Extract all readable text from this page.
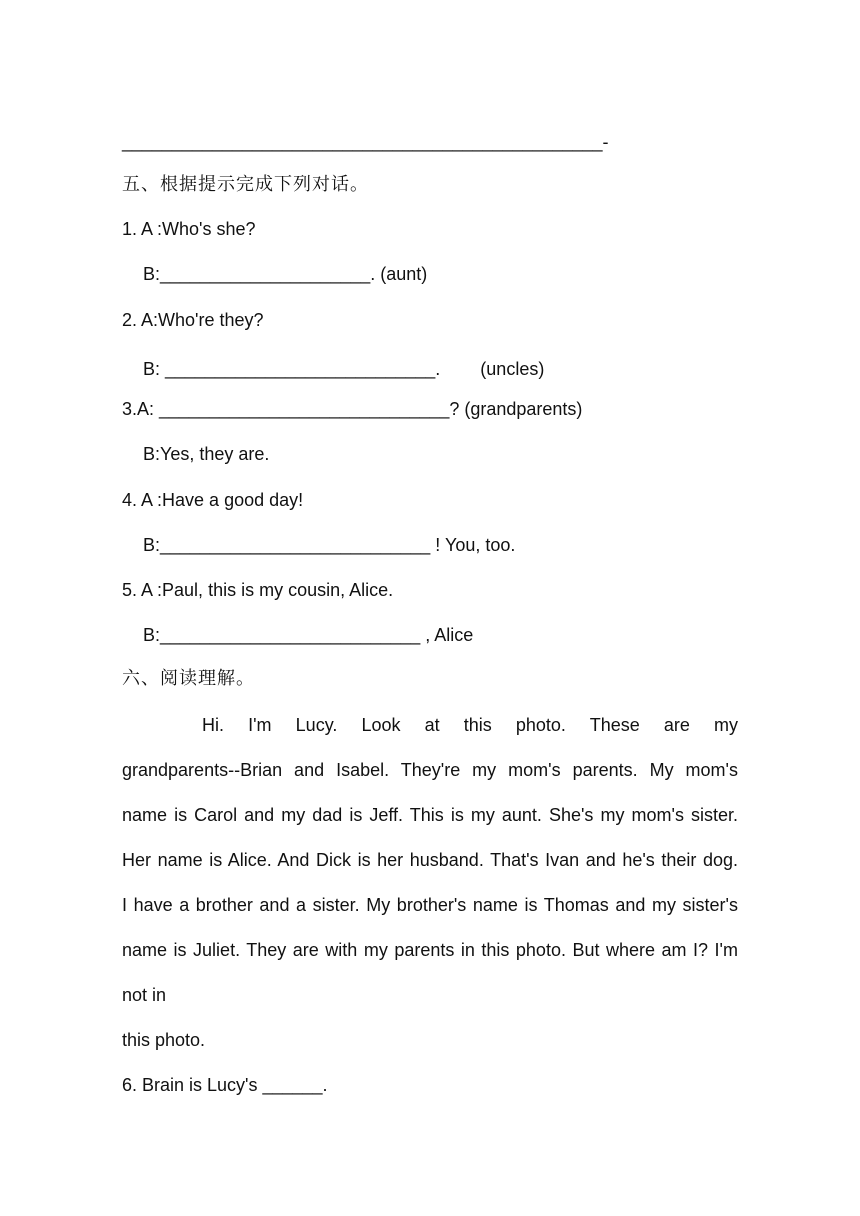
________________________________________________-
五、根据提示完成下列对话。
1. A :Who's she?
B:_____________________. (aunt)
2. A:Who're they?
B: ___________________________.        (uncles)
3.A: _____________________________? (grandparents)
B:Yes, they are.
4. A :Have a good day!
B:___________________________ ! You, too.
5. A :Paul, this is my cousin, Alice.
B:__________________________ , Alice
六、阅读理解。
Hi. I'm Lucy. Look at this photo. These are my
grandparents--Brian and Isabel. They're my mom's parents. My mom's
name is Carol and my dad is Jeff. This is my aunt. She's my mom's sister.
Her name is Alice. And Dick is her husband. That's Ivan and he's their dog.
I have a brother and a sister. My brother's name is Thomas and my sister's
name is Juliet. They are with my parents in this photo. But where am I? I'm
not in
this photo.
6. Brain is Lucy's ______.
